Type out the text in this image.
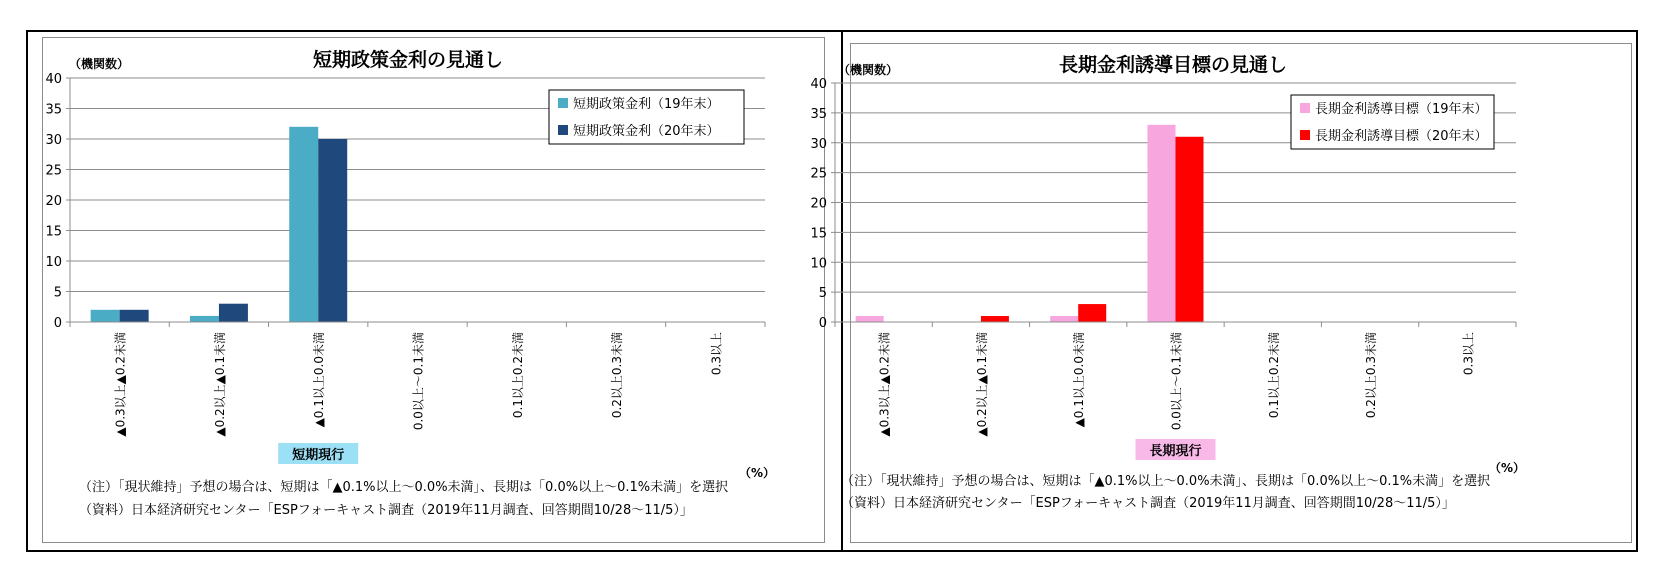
短期政策金利の見通し
（機関数）
0
5
10
15
20
25
30
35
40
▲0.3以上▲0.2未満	▲0.2以上▲0.1未満	▲0.1以上0.0未満	0.0以上～0.1未満	0.1以上0.2未満	0.2以上0.3未満	0.3以上
短期現行
（%）
短期政策金利（19年末）
短期政策金利（20年末）
（注）「現状維持」予想の場合は、短期は「▲0.1%以上～0.0%未満」、長期は「0.0%以上～0.1%未満」を選択
（資料）日本経済研究センター「ESPフォーキャスト調査（2019年11月調査、回答期間10/28～11/5）」
長期金利誘導目標の見通し
（機関数）
0
5
10
15
20
25
30
35
40
▲0.3以上▲0.2未満	▲0.2以上▲0.1未満	▲0.1以上0.0未満	0.0以上～0.1未満	0.1以上0.2未満	0.2以上0.3未満	0.3以上
長期現行
（%）
長期金利誘導目標（19年末）
長期金利誘導目標（20年末）
（注）「現状維持」予想の場合は、短期は「▲0.1%以上～0.0%未満」、長期は「0.0%以上～0.1%未満」を選択
（資料）日本経済研究センター「ESPフォーキャスト調査（2019年11月調査、回答期間10/28～11/5）」
